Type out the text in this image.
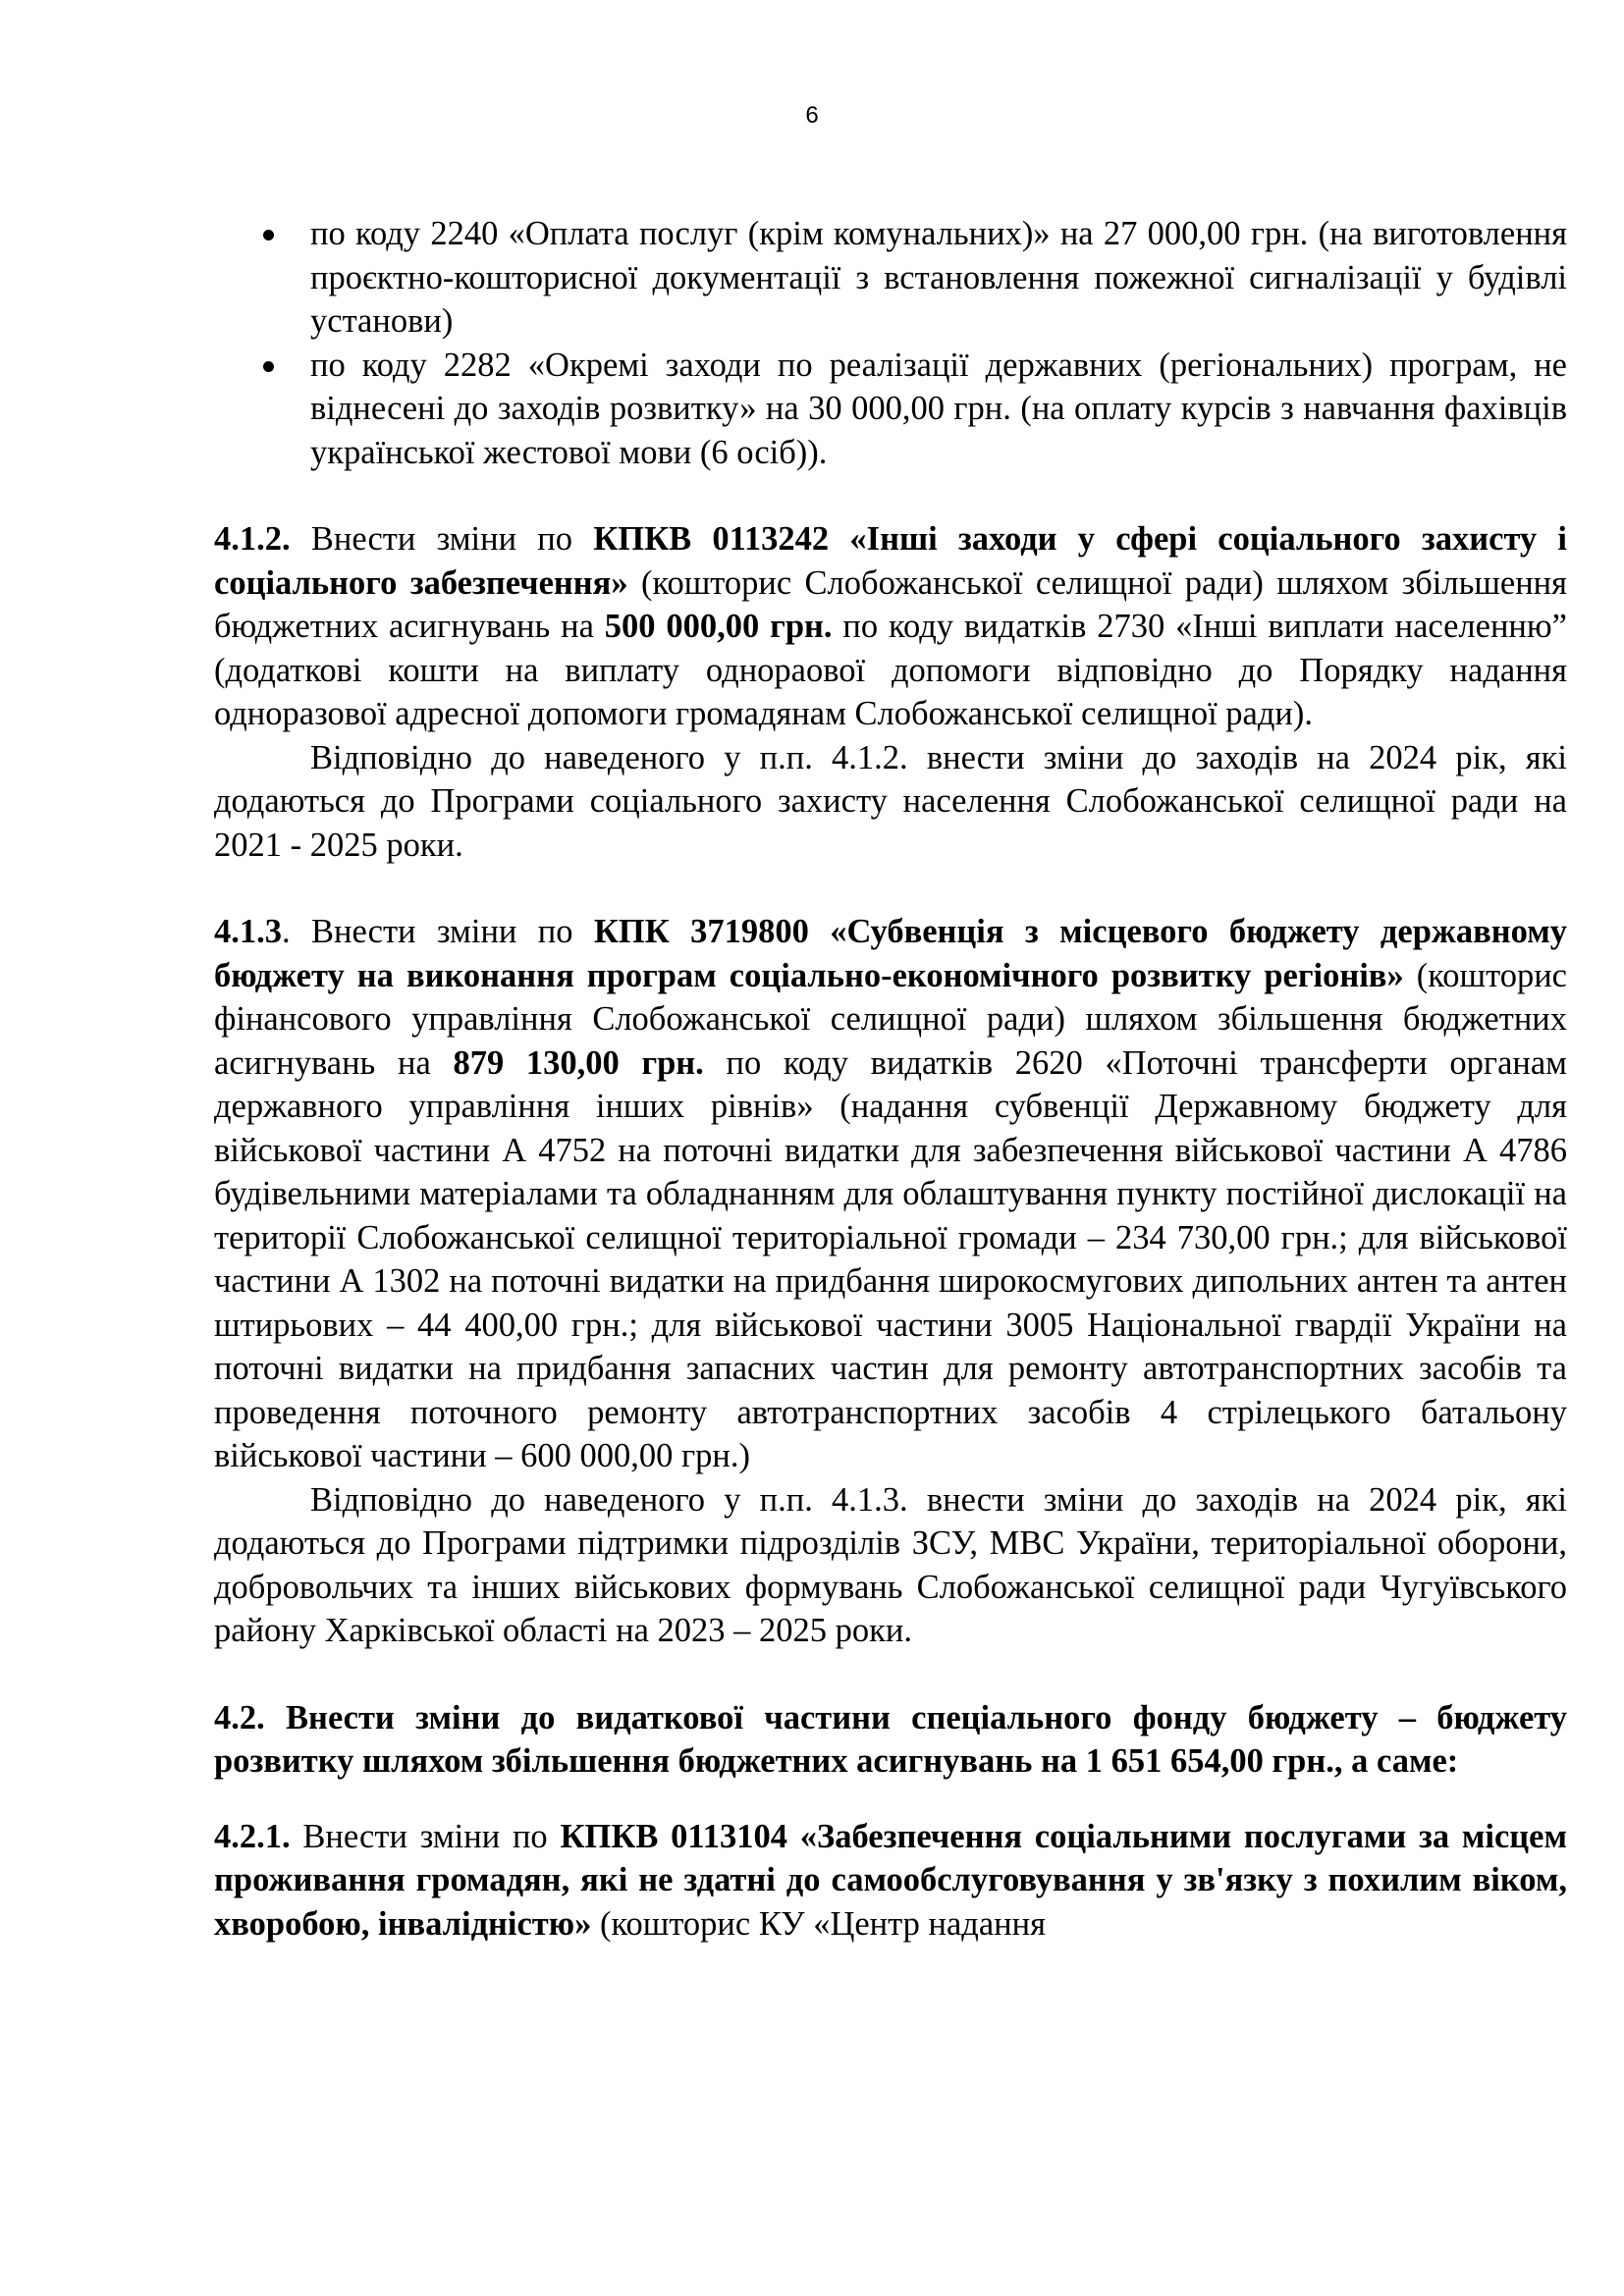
6
по коду 2240 «Оплата послуг (крім комунальних)» на 27 000,00 грн. (на виготовлення проєктно-кошторисної документації з встановлення пожежної сигналізації у будівлі установи)
по коду 2282 «Окремі заходи по реалізації державних (регіональних) програм, не віднесені до заходів розвитку» на 30 000,00 грн. (на оплату курсів з навчання фахівців української жестової мови (6 осіб)).

4.1.2. Внести зміни по КПКВ 0113242 «Інші заходи у сфері соціального захисту і соціального забезпечення» (кошторис Слобожанської селищної ради) шляхом збільшення бюджетних асигнувань на 500 000,00 грн. по коду видатків 2730 «Інші виплати населенню” (додаткові кошти на виплату однораової допомоги відповідно до Порядку надання одноразової адресної допомоги громадянам Слобожанської селищної ради).

Відповідно до наведеного у п.п. 4.1.2. внести зміни до заходів на 2024 рік, які додаються до Програми соціального захисту населення Слобожанської селищної ради на 2021 - 2025 роки.

4.1.3. Внести зміни по КПК 3719800 «Субвенція з місцевого бюджету державному бюджету на виконання програм соціально-економічного розвитку регіонів» (кошторис фінансового управління Слобожанської селищної ради) шляхом збільшення бюджетних асигнувань на 879 130,00 грн. по коду видатків 2620 «Поточні трансферти органам державного управління інших рівнів» (надання субвенції Державному бюджету для військової частини А 4752 на поточні видатки для забезпечення військової частини А 4786 будівельними матеріалами та обладнанням для облаштування пункту постійної дислокації на території Слобожанської селищної територіальної громади – 234 730,00 грн.; для військової частини А 1302 на поточні видатки на придбання широкосмугових дипольних антен та антен штирьових – 44 400,00 грн.; для військової частини 3005 Національної гвардії України на поточні видатки на придбання запасних частин для ремонту автотранспортних засобів та проведення поточного ремонту автотранспортних засобів 4 стрілецького батальону військової частини – 600 000,00 грн.)

Відповідно до наведеного у п.п. 4.1.3. внести зміни до заходів на 2024 рік, які додаються до Програми підтримки підрозділів ЗСУ, МВС України, територіальної оборони, добровольчих та інших військових формувань Слобожанської селищної ради Чугуївського району Харківської області на 2023 – 2025 роки.

4.2. Внести зміни до видаткової частини спеціального фонду бюджету – бюджету розвитку шляхом збільшення бюджетних асигнувань на 1 651 654,00 грн., а саме:

4.2.1. Внести зміни по КПКВ 0113104 «Забезпечення соціальними послугами за місцем проживання громадян, які не здатні до самообслуговування у зв'язку з похилим віком, хворобою, інвалідністю» (кошторис КУ «Центр надання
